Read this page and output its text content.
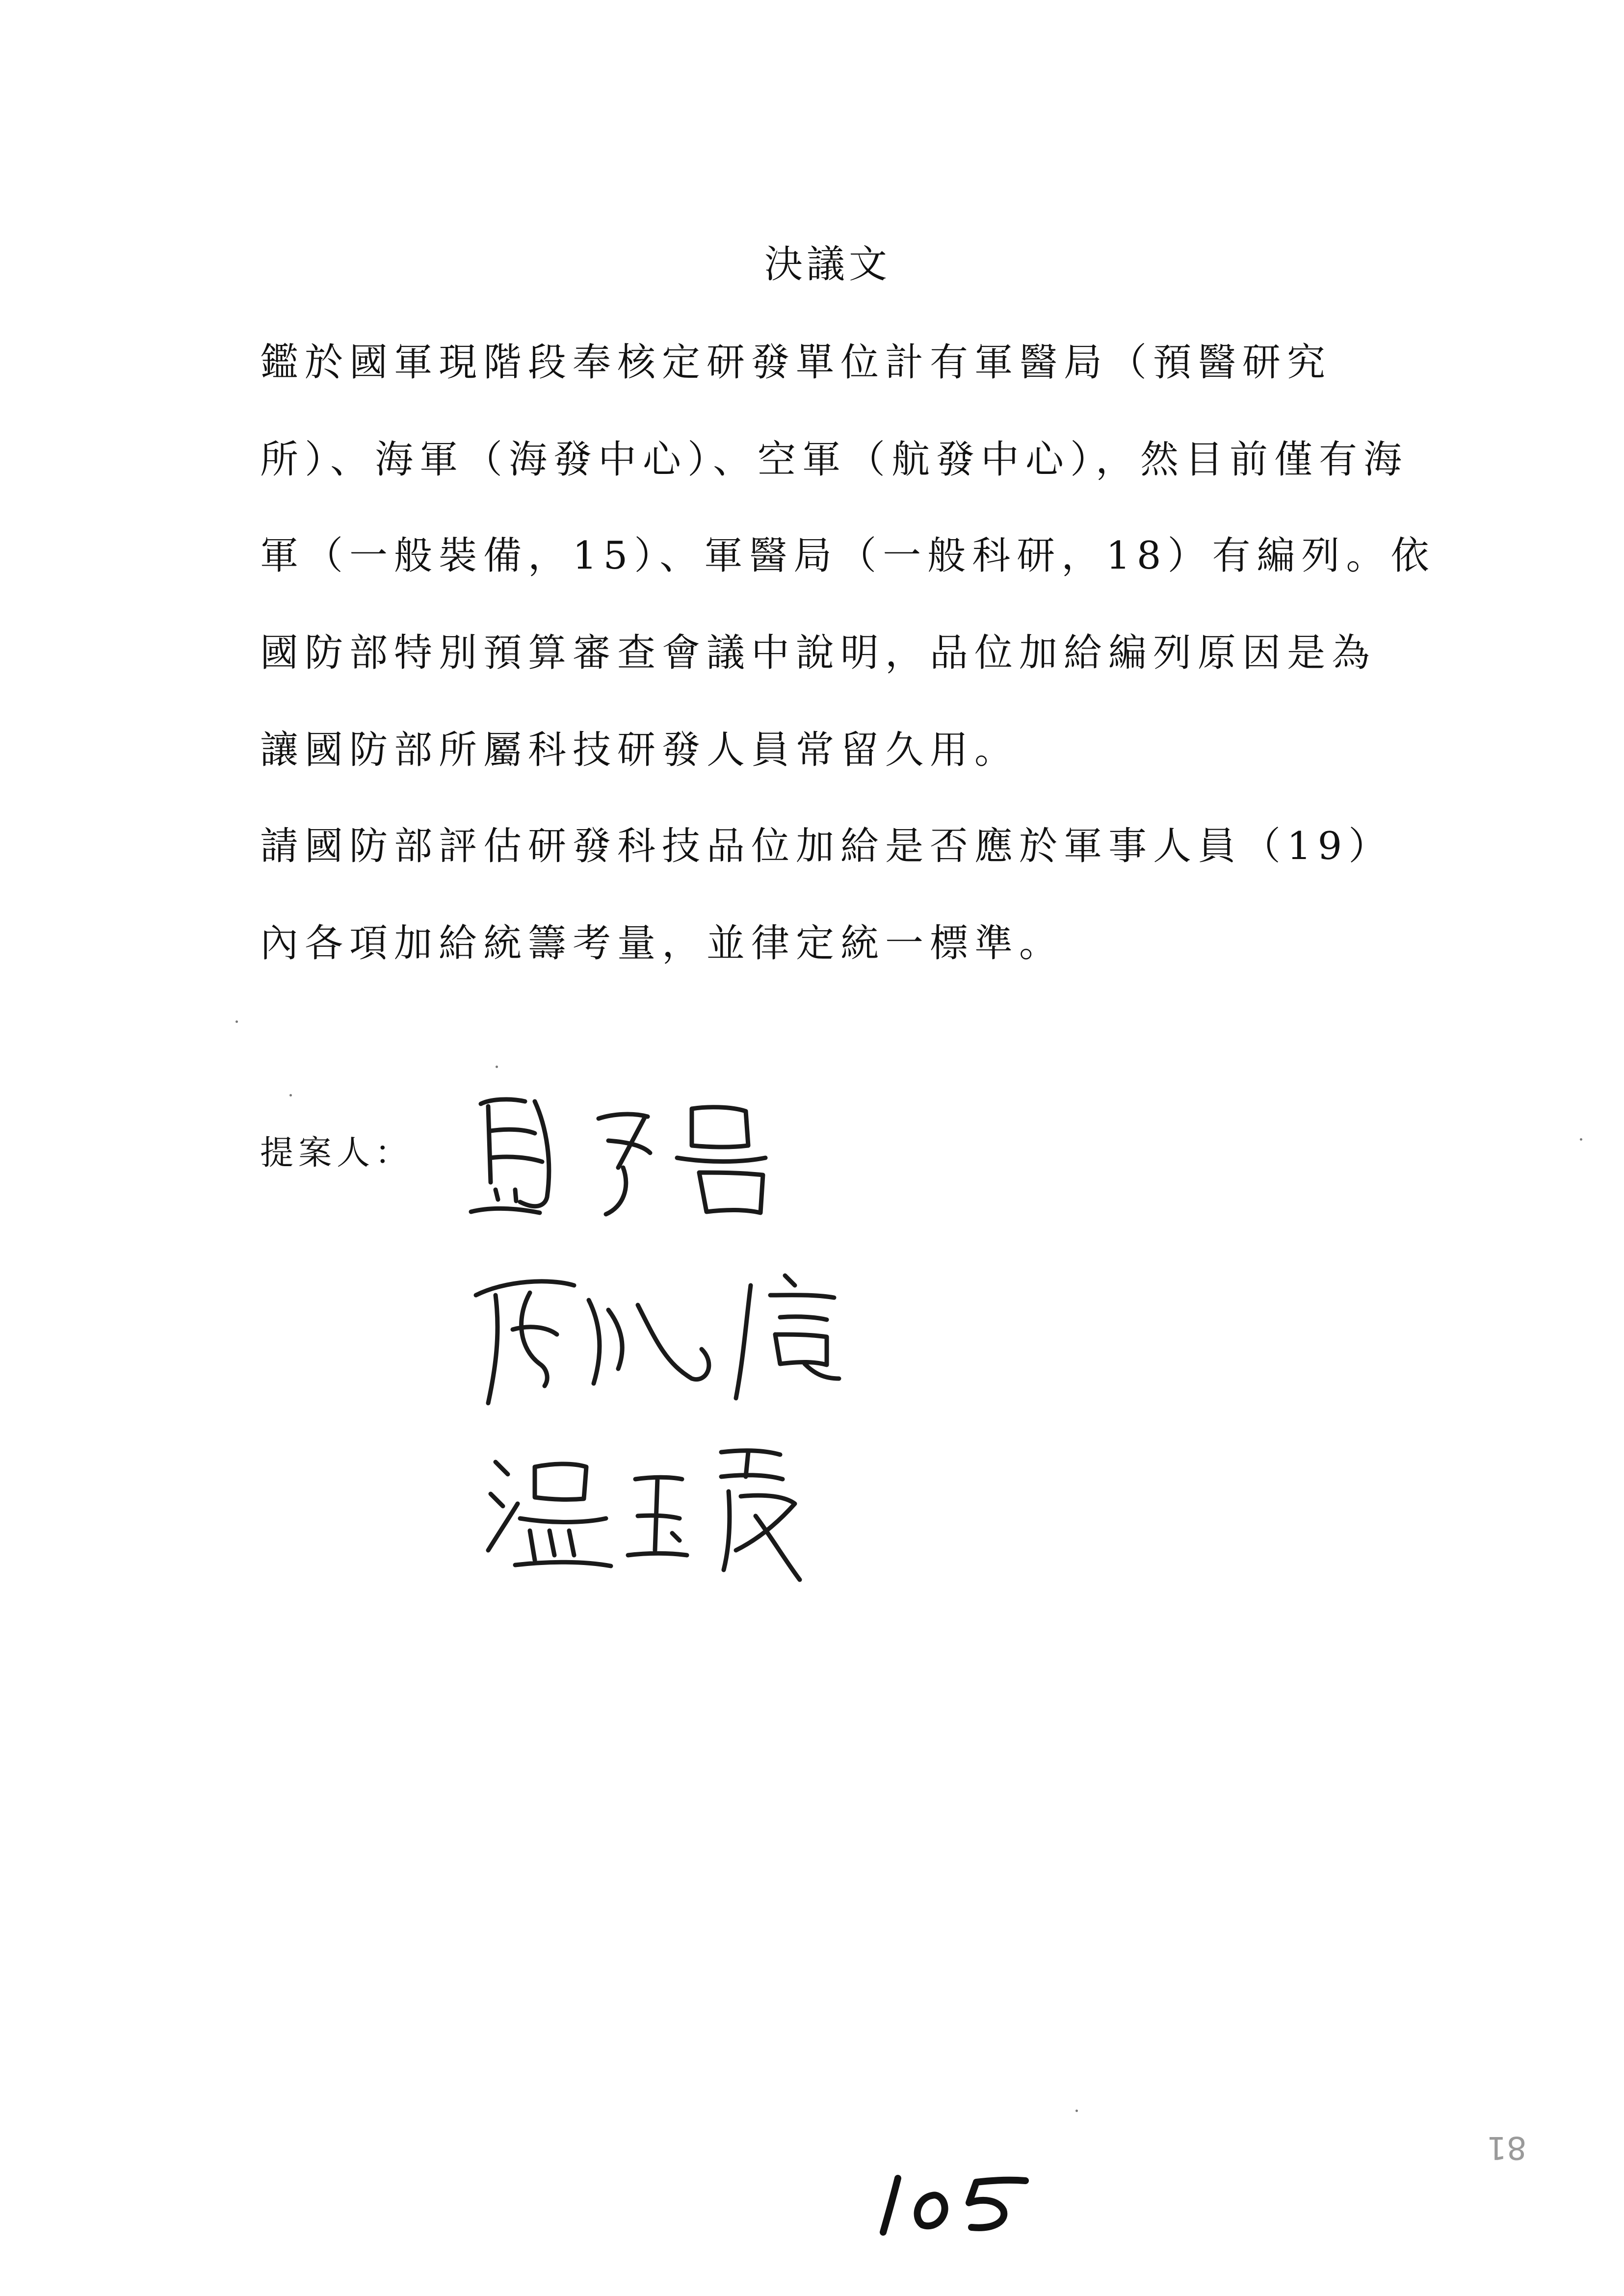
決議文
鑑於國軍現階段奉核定研發單位計有軍醫局（預醫研究
所）、海軍（海發中心）、空軍（航發中心），然目前僅有海
軍（一般裝備，15）、軍醫局（一般科研，18）有編列。依
國防部特別預算審查會議中說明，品位加給編列原因是為
讓國防部所屬科技研發人員常留久用。
請國防部評估研發科技品位加給是否應於軍事人員（19）
內各項加給統籌考量，並律定統一標準。
提案人：
81
